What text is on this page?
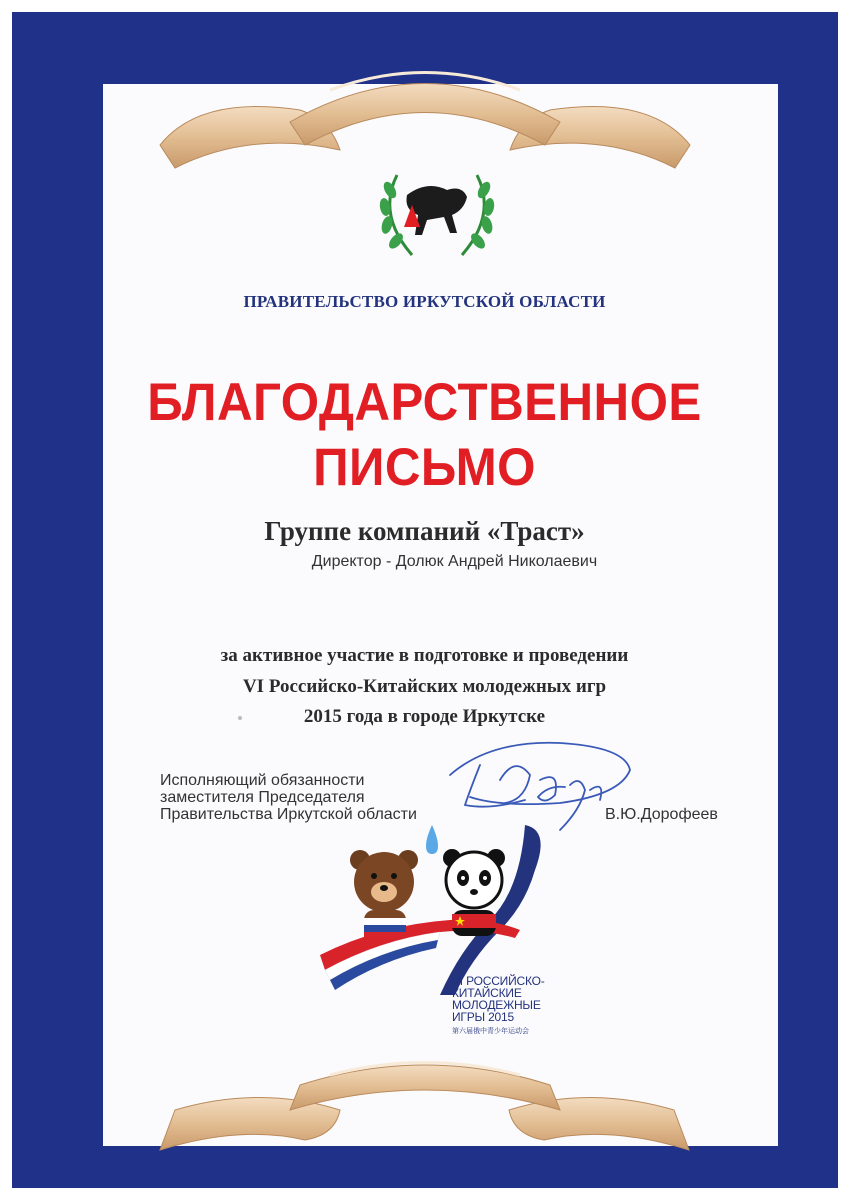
ПРАВИТЕЛЬСТВО ИРКУТСКОЙ ОБЛАСТИ
БЛАГОДАРСТВЕННОЕ
ПИСЬМО
Группе компаний «Траст»
Директор - Долюк Андрей Николаевич
за активное участие в подготовке и проведении
VI Российско-Китайских молодежных игр
2015 года в городе Иркутске
Исполняющий обязанности
заместителя Председателя
Правительства Иркутской области	В.Ю.Дорофеев
VI РОССИЙСКО-
КИТАЙСКИЕ
МОЛОДЕЖНЫЕ
ИГРЫ 2015
第六届俄中青少年运动会
